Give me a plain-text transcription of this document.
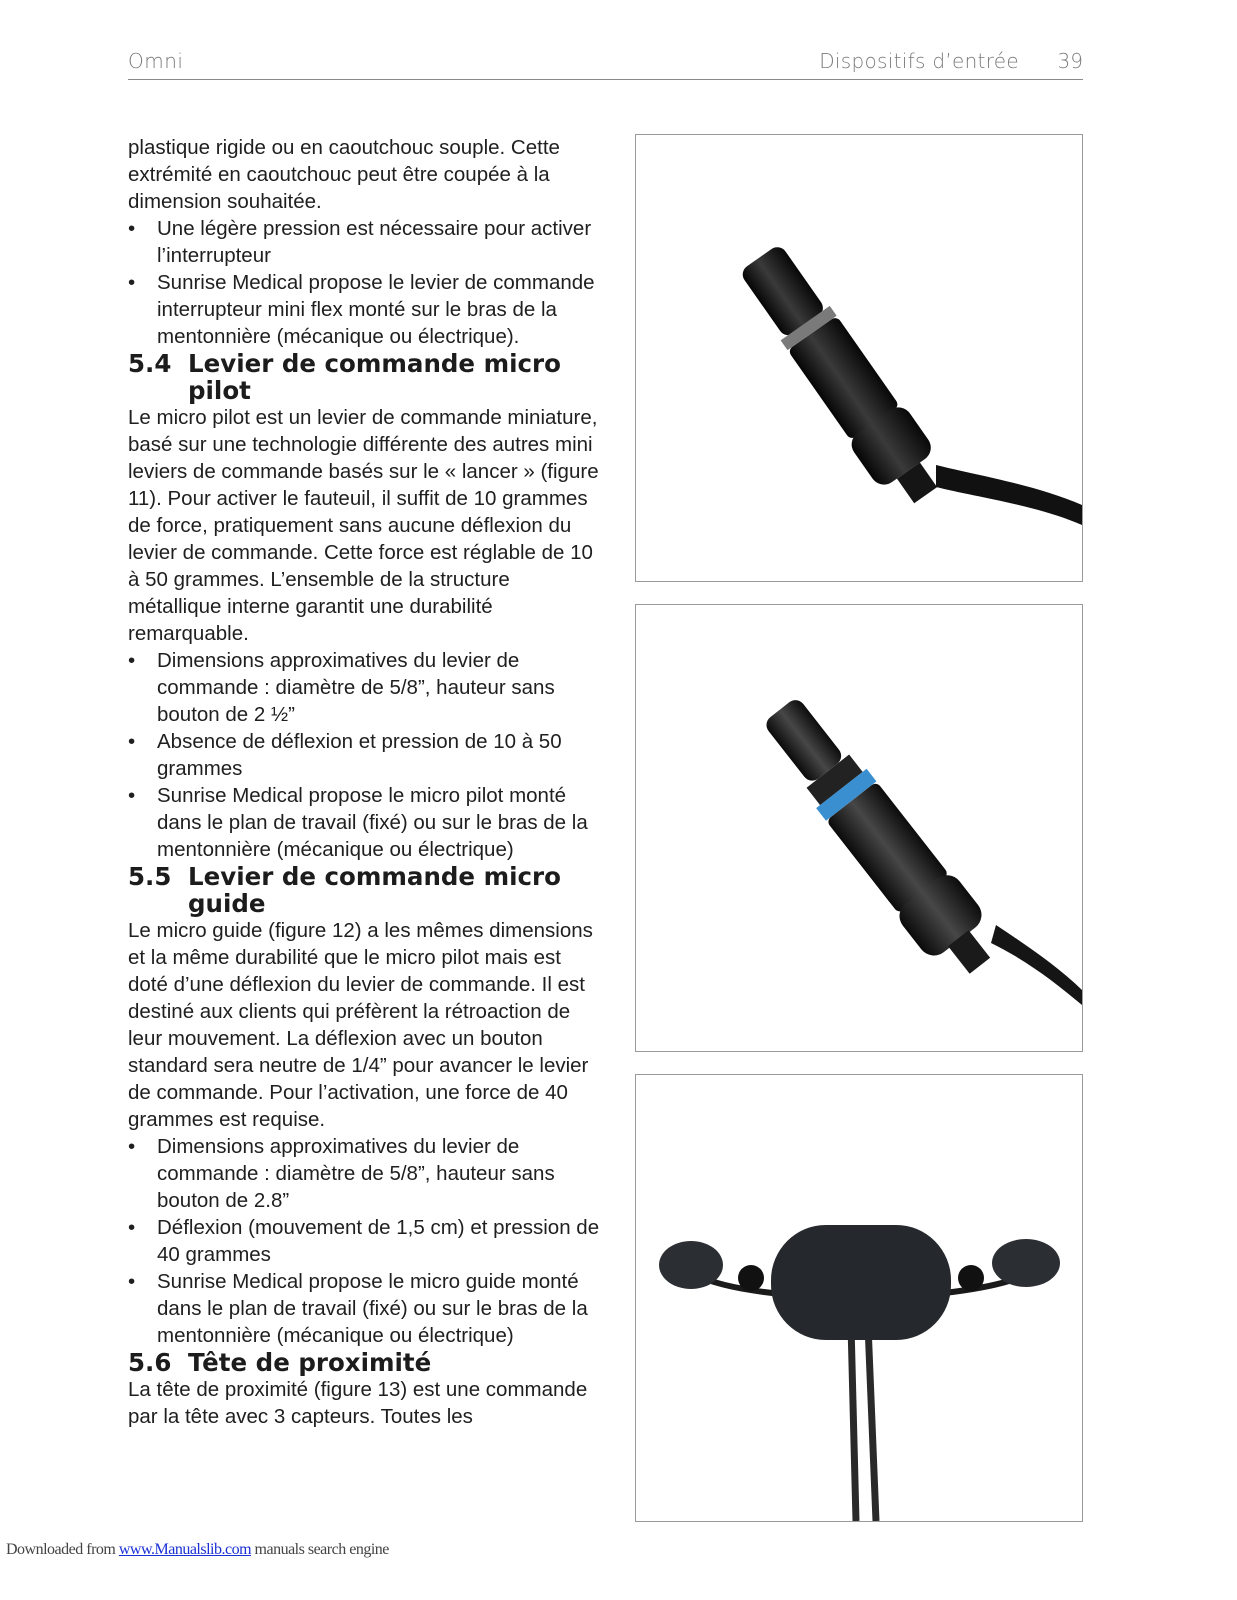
Omni	Dispositifs d’entrée 39

plastique rigide ou en caoutchouc souple. Cette extrémité en caoutchouc peut être coupée à la dimension souhaitée.

• Une légère pression est nécessaire pour activer l’interrupteur
• Sunrise Medical propose le levier de commande interrupteur mini flex monté sur le bras de la mentonnière (mécanique ou électrique).
5.4 Levier de commande micro pilot

Le micro pilot est un levier de commande miniature, basé sur une technologie différente des autres mini leviers de commande basés sur le « lancer » (figure 11). Pour activer le fauteuil, il suffit de 10 grammes de force, pratiquement sans aucune déflexion du levier de commande. Cette force est réglable de 10 à 50 grammes. L’ensemble de la structure métallique interne garantit une durabilité remarquable.

• Dimensions approximatives du levier de commande : diamètre de 5/8”, hauteur sans bouton de 2 ½”
• Absence de déflexion et pression de 10 à 50 grammes
• Sunrise Medical propose le micro pilot monté dans le plan de travail (fixé) ou sur le bras de la mentonnière (mécanique ou électrique)
5.5 Levier de commande micro guide

Le micro guide (figure 12) a les mêmes dimensions et la même durabilité que le micro pilot mais est doté d’une déflexion du levier de commande. Il est destiné aux clients qui préfèrent la rétroaction de leur mouvement. La déflexion avec un bouton standard sera neutre de 1/4” pour avancer le levier de commande. Pour l’activation, une force de 40 grammes est requise.

• Dimensions approximatives du levier de commande : diamètre de 5/8”, hauteur sans bouton de 2.8”
• Déflexion (mouvement de 1,5 cm) et pression de 40 grammes
• Sunrise Medical propose le micro guide monté dans le plan de travail (fixé) ou sur le bras de la mentonnière (mécanique ou électrique)
5.6 Tête de proximité

La tête de proximité (figure 13) est une commande par la tête avec 3 capteurs. Toutes les

Downloaded from www.Manualslib.com manuals search engine
